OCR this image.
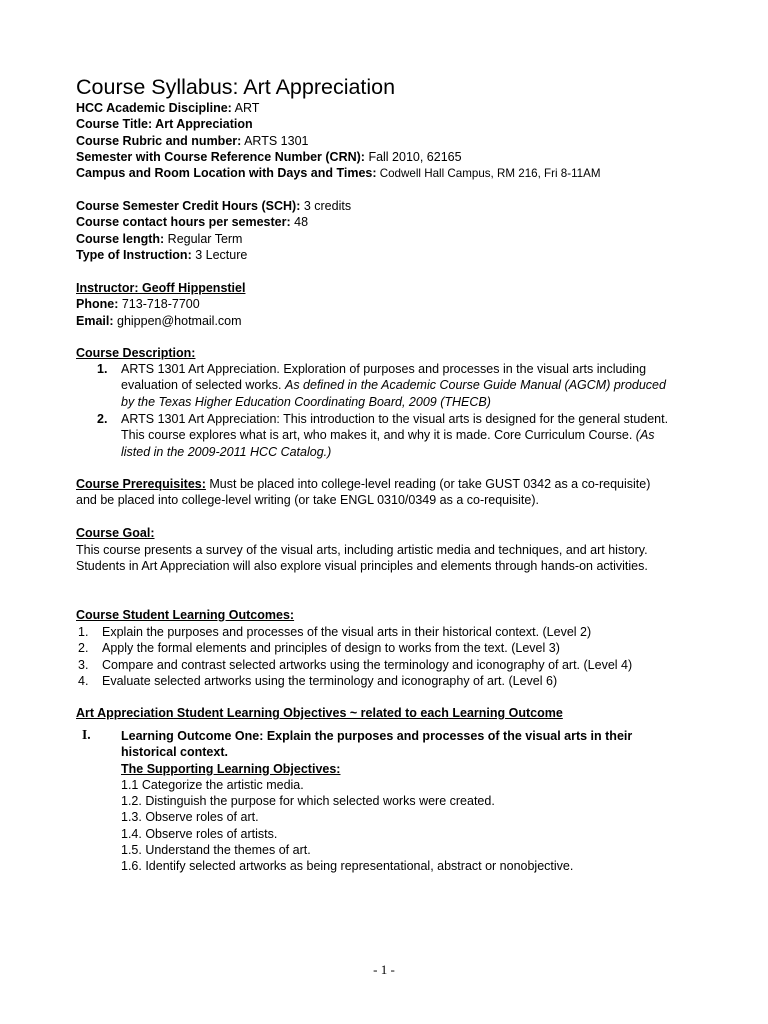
Course Syllabus: Art Appreciation
HCC Academic Discipline: ART
Course Title: Art Appreciation
Course Rubric and number: ARTS 1301
Semester with Course Reference Number (CRN): Fall 2010, 62165
Campus and Room Location with Days and Times: Codwell Hall Campus, RM 216, Fri 8-11AM
Course Semester Credit Hours (SCH): 3 credits
Course contact hours per semester: 48
Course length: Regular Term
Type of Instruction: 3 Lecture
Instructor: Geoff Hippenstiel
Phone: 713-718-7700
Email: ghippen@hotmail.com
Course Description:
1. ARTS 1301 Art Appreciation. Exploration of purposes and processes in the visual arts including evaluation of selected works. As defined in the Academic Course Guide Manual (AGCM) produced by the Texas Higher Education Coordinating Board, 2009 (THECB)
2. ARTS 1301 Art Appreciation: This introduction to the visual arts is designed for the general student. This course explores what is art, who makes it, and why it is made. Core Curriculum Course. (As listed in the 2009-2011 HCC Catalog.)
Course Prerequisites: Must be placed into college-level reading (or take GUST 0342 as a co-requisite) and be placed into college-level writing (or take ENGL 0310/0349 as a co-requisite).
Course Goal:
This course presents a survey of the visual arts, including artistic media and techniques, and art history. Students in Art Appreciation will also explore visual principles and elements through hands-on activities.
Course Student Learning Outcomes:
1. Explain the purposes and processes of the visual arts in their historical context. (Level 2)
2. Apply the formal elements and principles of design to works from the text. (Level 3)
3. Compare and contrast selected artworks using the terminology and iconography of art. (Level 4)
4. Evaluate selected artworks using the terminology and iconography of art. (Level 6)
Art Appreciation Student Learning Objectives ~ related to each Learning Outcome
I. Learning Outcome One: Explain the purposes and processes of the visual arts in their
historical context.
The Supporting Learning Objectives:
1.1 Categorize the artistic media.
1.2. Distinguish the purpose for which selected works were created.
1.3. Observe roles of art.
1.4. Observe roles of artists.
1.5. Understand the themes of art.
1.6. Identify selected artworks as being representational, abstract or nonobjective.
- 1 -
